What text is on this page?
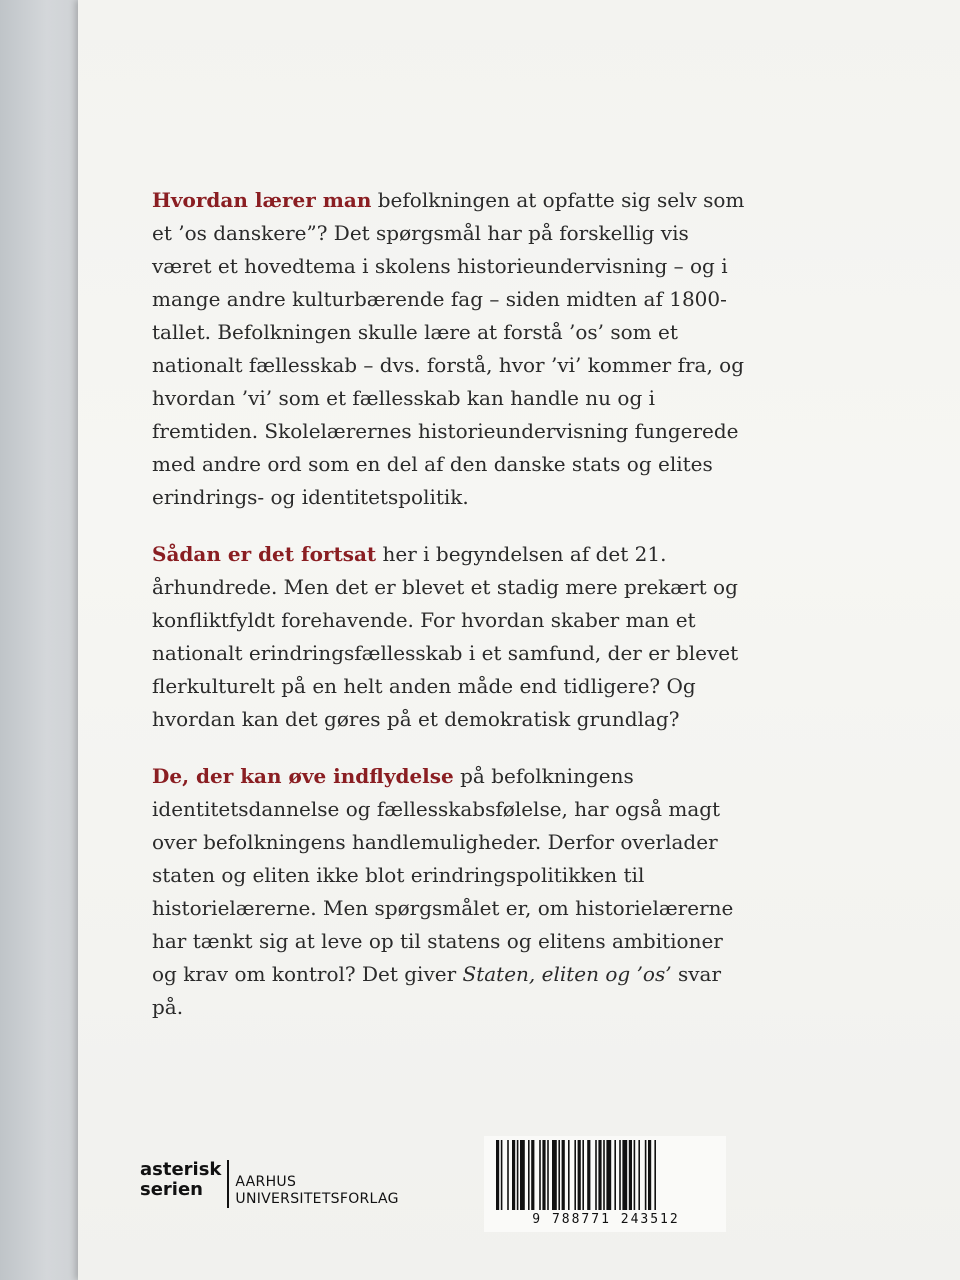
Hvordan lærer man befolkningen at opfatte sig selv som et ’os danskere”? Det spørgsmål har på forskellig vis været et hovedtema i skolens historieundervisning – og i mange andre kulturbærende fag – siden midten af 1800-tallet. Befolkningen skulle lære at forstå ’os’ som et nationalt fællesskab – dvs. forstå, hvor ’vi’ kommer fra, og hvordan ’vi’ som et fællesskab kan handle nu og i fremtiden. Skolelærernes historieundervisning fungerede med andre ord som en del af den danske stats og elites erindrings- og identitetspolitik.

Sådan er det fortsat her i begyndelsen af det 21. århundrede. Men det er blevet et stadig mere prekært og konfliktfyldt forehavende. For hvordan skaber man et nationalt erindringsfællesskab i et samfund, der er blevet flerkulturelt på en helt anden måde end tidligere? Og hvordan kan det gøres på et demokratisk grundlag?

De, der kan øve indflydelse på befolkningens identitetsdannelse og fællesskabsfølelse, har også magt over befolkningens handlemuligheder. Derfor overlader staten og eliten ikke blot erindringspolitikken til historielærerne. Men spørgsmålet er, om historielærerne har tænkt sig at leve op til statens og elitens ambitioner og krav om kontrol? Det giver Staten, eliten og ’os’ svar på.

asterisk
serien	AARHUS
UNIVERSITETSFORLAG
9 788771 243512
